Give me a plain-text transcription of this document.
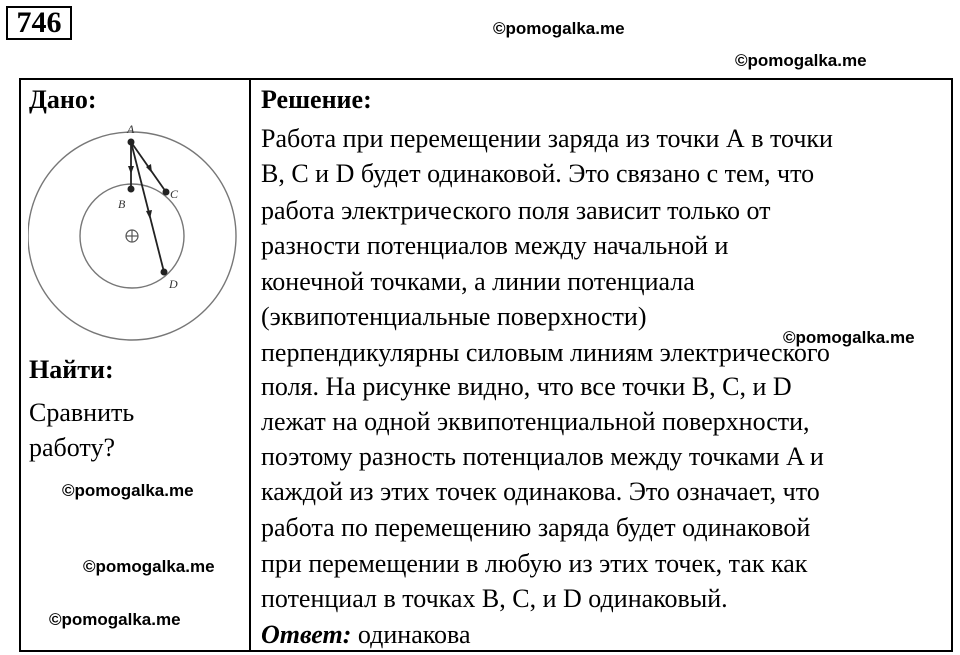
746	©pomogalka.me
©pomogalka.me
©pomogalka.me
©pomogalka.me
©pomogalka.me
©pomogalka.me
Дано:
A
B
C
D
Найти:
Сравнить
работу?
Решение:
Работа при перемещении заряда из точки А в точки
B, C и D будет одинаковой. Это связано с тем, что
работа электрического поля зависит только от
разности потенциалов между начальной и
конечной точками, а линии потенциала
(эквипотенциальные поверхности)
перпендикулярны силовым линиям электрического
поля. На рисунке видно, что все точки B, C, и D
лежат на одной эквипотенциальной поверхности,
поэтому разность потенциалов между точками A и
каждой из этих точек одинакова. Это означает, что
работа по перемещению заряда будет одинаковой
при перемещении в любую из этих точек, так как
потенциал в точках B, C, и D одинаковый.
Ответ: одинакова
